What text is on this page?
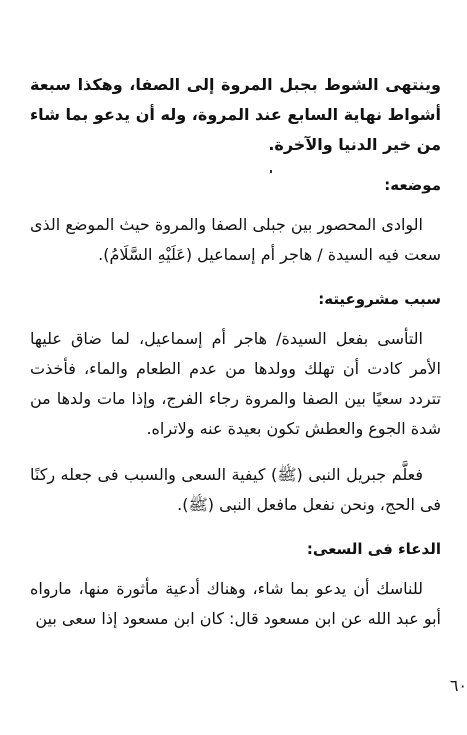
وينتهى الشوط بجبل المروة إلى الصفا، وهكذا سبعة أشواط نهاية السابع عند المروة، وله أن يدعو بما شاء من خير الدنيا والآخرة.

موضعه:

الوادى المحصور بين جبلى الصفا والمروة حيث الموضع الذى سعت فيه السيدة / هاجر أم إسماعيل (عَلَيْهِ السَّلَامُ).

سبب مشروعيته:

التأسى بفعل السيدة/ هاجر أم إسماعيل، لما ضاق عليها الأمر كادت أن تهلك وولدها من عدم الطعام والماء، فأخذت تتردد سعيًا بين الصفا والمروة رجاء الفرج، وإذا مات ولدها من شدة الجوع والعطش تكون بعيدة عنه ولاتراه.

فعلَّم جبريل النبى (ﷺ) كيفية السعى والسبب فى جعله ركنًا فى الحج، ونحن نفعل مافعل النبى (ﷺ).

الدعاء فى السعى:

للناسك أن يدعو بما شاء، وهناك أدعية مأثورة منها، مارواه أبو عبد الله عن ابن مسعود قال: كان ابن مسعود إذا سعى بين

٦٠
